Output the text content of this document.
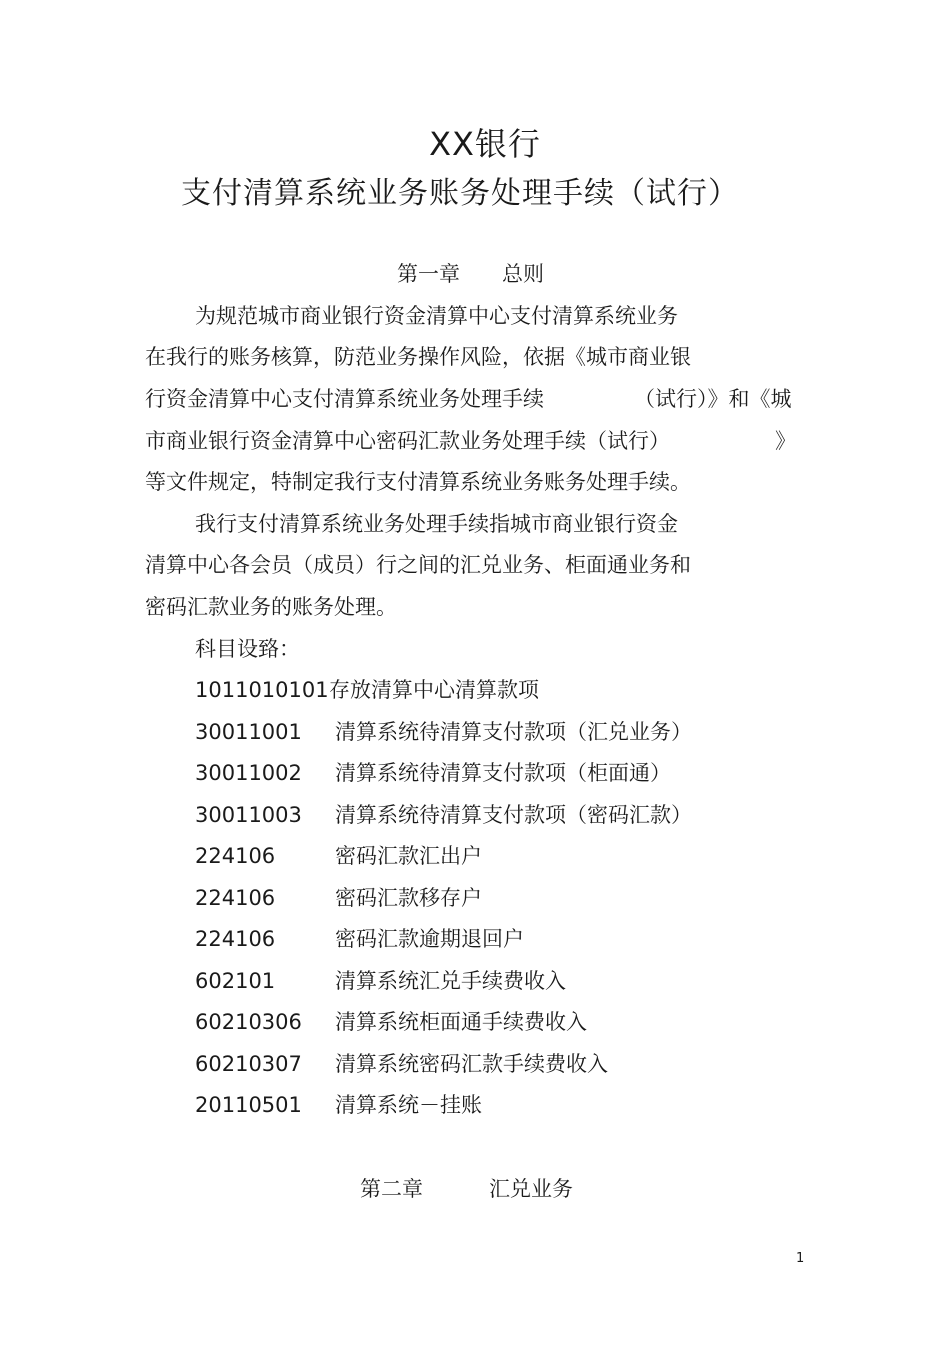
XX银行
支付清算系统业务账务处理手续（试行）
第一章 总则
为规范城市商业银行资金清算中心支付清算系统业务
在我行的账务核算，防范业务操作风险，依据《城市商业银
行资金清算中心支付清算系统业务处理手续	（试行）》和《城
市商业银行资金清算中心密码汇款业务处理手续（试行）	》
等文件规定，特制定我行支付清算系统业务账务处理手续。
我行支付清算系统业务处理手续指城市商业银行资金
清算中心各会员（成员）行之间的汇兑业务、柜面通业务和
密码汇款业务的账务处理。
科目设臵：
1011010101 存放清算中心清算款项
30011001 清算系统待清算支付款项（汇兑业务）
30011002 清算系统待清算支付款项（柜面通）
30011003 清算系统待清算支付款项（密码汇款）
224106	密码汇款汇出户
224106	密码汇款移存户
224106	密码汇款逾期退回户
602101	清算系统汇兑手续费收入
60210306 清算系统柜面通手续费收入
60210307 清算系统密码汇款手续费收入
20110501 清算系统－挂账
第二章	汇兑业务
1
